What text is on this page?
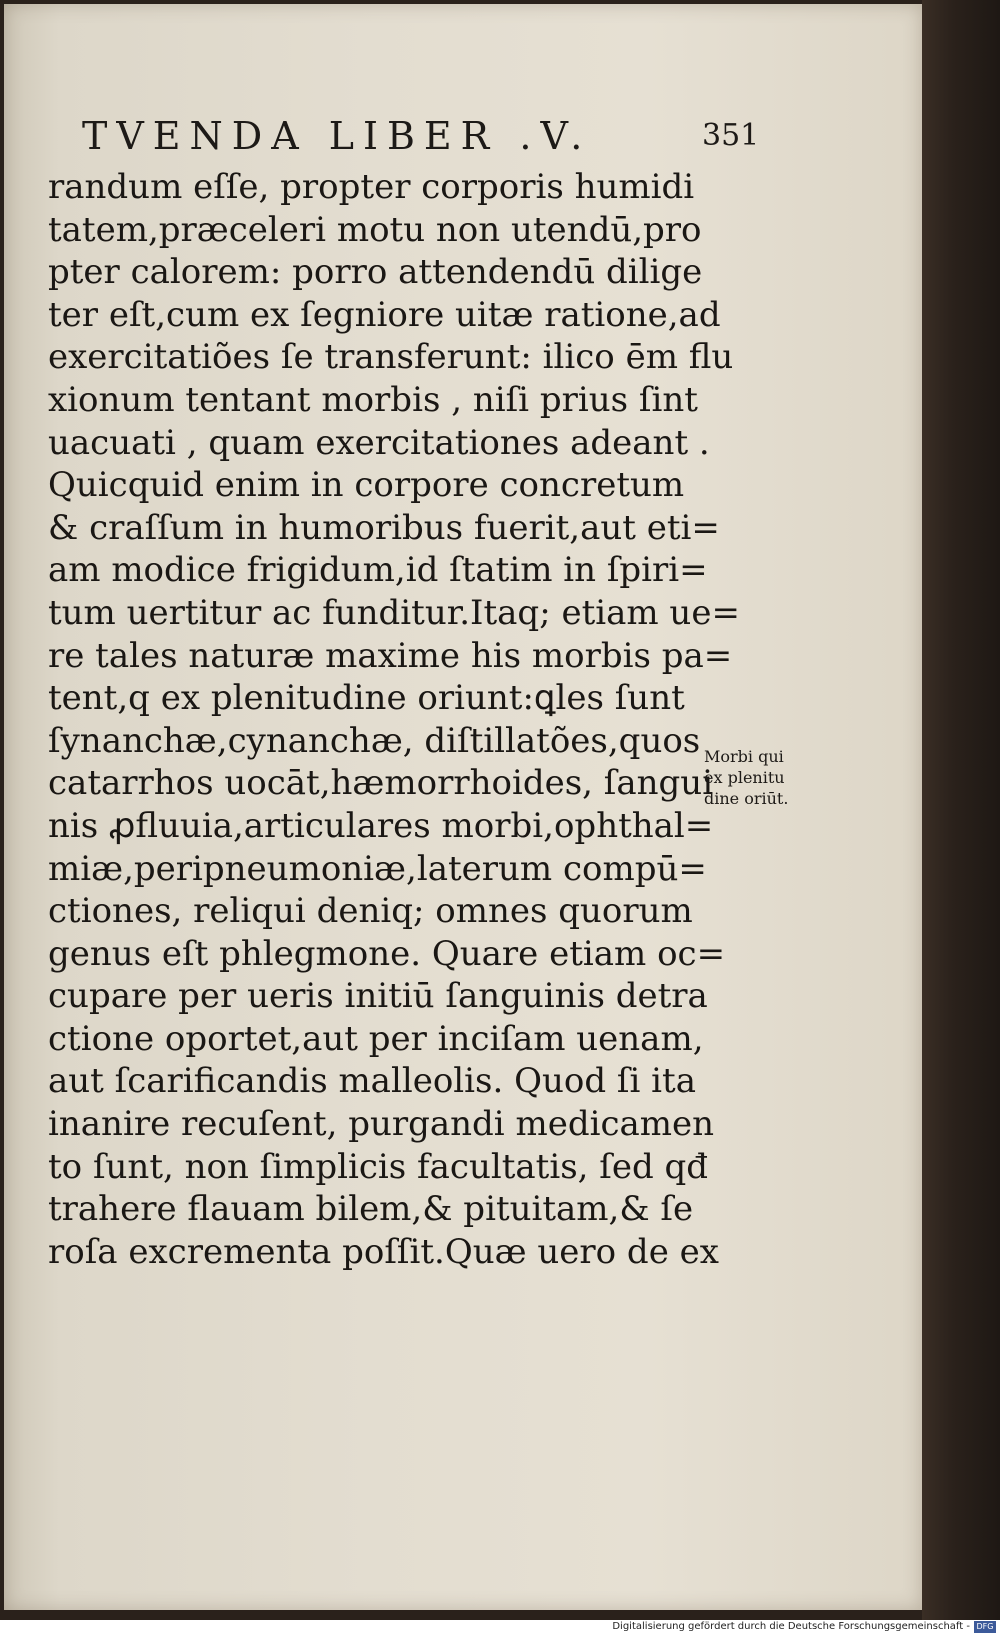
TVENDA LIBER .V.	351
randum eſſe, propter corporis humidi
tatem,præceleri motu non utendū,pro
pter calorem: porro attendendū dilige
ter eſt,cum ex ſegniore uitæ ratione,ad
exercitatiões ſe transferunt: ilico ēm flu
xionum tentant morbis , niſi prius ſint
uacuati , quam exercitationes adeant .
Quicquid enim in corpore concretum
& craſſum in humoribus fuerit,aut eti=
am modice frigidum,id ſtatim in ſpiri=
tum uertitur ac funditur.Itaq; etiam ue=
re tales naturæ maxime his morbis pa=
tent,q ex plenitudine oriunt:ꝗles ſunt
ſynanchæ,cynanchæ, diſtillatões,quos
catarrhos uocāt,hæmorrhoides, ſangui
nis ꝓfluuia,articulares morbi,ophthal=
miæ,peripneumoniæ,laterum compū=
ctiones, reliqui deniq; omnes quorum
genus eſt phlegmone. Quare etiam oc=
cupare per ueris initiū ſanguinis detra
ctione oportet,aut per inciſam uenam,
aut ſcarificandis malleolis. Quod ſi ita
inanire recuſent, purgandi medicamen
to ſunt, non ſimplicis facultatis, ſed qđ
trahere flauam bilem,& pituitam,& ſe
roſa excrementa poſſit.Quæ uero de ex
Morbi qui
ex plenitu
dine oriūt.
Digitalisierung gefördert durch die Deutsche Forschungsgemeinschaft - DFG
